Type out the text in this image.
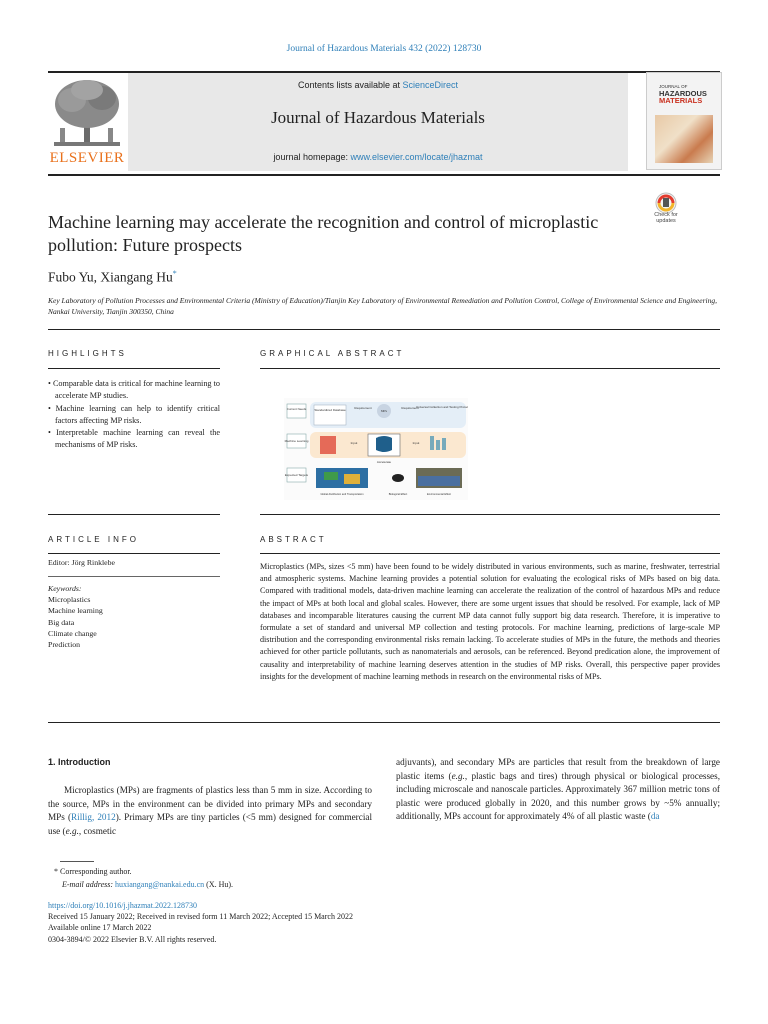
Journal of Hazardous Materials 432 (2022) 128730
ELSEVIER
Contents lists available at ScienceDirect
Journal of Hazardous Materials
journal homepage: www.elsevier.com/locate/jhazmat
JOURNAL OF
HAZARDOUS
MATERIALS
Check for updates
Machine learning may accelerate the recognition and control of microplastic pollution: Future prospects
Fubo Yu, Xiangang Hu*
Key Laboratory of Pollution Processes and Environmental Criteria (Ministry of Education)/Tianjin Key Laboratory of Environmental Remediation and Pollution Control, College of Environmental Science and Engineering, Nankai University, Tianjin 300350, China
HIGHLIGHTS
• Comparable data is critical for machine learning to accelerate MP studies.
• Machine learning can help to identify critical factors affecting MP risks.
• Interpretable machine learning can reveal the mechanisms of MP risks.
GRAPHICAL ABSTRACT
Current Needs
Machine Learning
Expected Targets
Standardized Database	Requirement
MPs
Requirement
Universal Collection and Testing Protocols
Input	Input
Accelerate
Global distribution and Transportation	Biological Effect	Environmental Effect
ARTICLE INFO
Editor: Jörg Rinklebe
Keywords:
Microplastics
Machine learning
Big data
Climate change
Prediction
ABSTRACT
Microplastics (MPs, sizes <5 mm) have been found to be widely distributed in various environments, such as marine, freshwater, terrestrial and atmospheric systems. Machine learning provides a potential solution for evaluating the ecological risks of MPs based on big data. Compared with traditional models, data-driven machine learning can accelerate the realization of the control of hazardous MPs and reduce the impact of MPs at both local and global scales. However, there are some urgent issues that should be resolved. For example, lack of MP databases and incomparable literatures causing the current MP data cannot fully support big data research. Therefore, it is imperative to formulate a set of standard and universal MP collection and testing protocols. For machine learning, predictions of large-scale MP distribution and the corresponding environmental risks remain lacking. To accelerate studies of MPs in the future, the methods and theories achieved for other particle pollutants, such as nanomaterials and aerosols, can be referenced. Beyond predication alone, the improvement of causality and interpretability of machine learning deserves attention in the studies of MP risks. Overall, this perspective paper provides insights for the development of machine learning methods in research on the environmental risks of MPs.
1. Introduction
Microplastics (MPs) are fragments of plastics less than 5 mm in size. According to the source, MPs in the environment can be divided into primary MPs and secondary MPs (Rillig, 2012). Primary MPs are tiny particles (<5 mm) designed for commercial use (e.g., cosmetic
adjuvants), and secondary MPs are particles that result from the breakdown of large plastic items (e.g., plastic bags and tires) through physical or biological processes, including microscale and nanoscale particles. Approximately 367 million metric tons of plastic were produced globally in 2020, and this number grows by ~5% annually; additionally, MPs account for approximately 4% of all plastic waste (da
* Corresponding author.
E-mail address: huxiangang@nankai.edu.cn (X. Hu).
https://doi.org/10.1016/j.jhazmat.2022.128730
Received 15 January 2022; Received in revised form 11 March 2022; Accepted 15 March 2022
Available online 17 March 2022
0304-3894/© 2022 Elsevier B.V. All rights reserved.
